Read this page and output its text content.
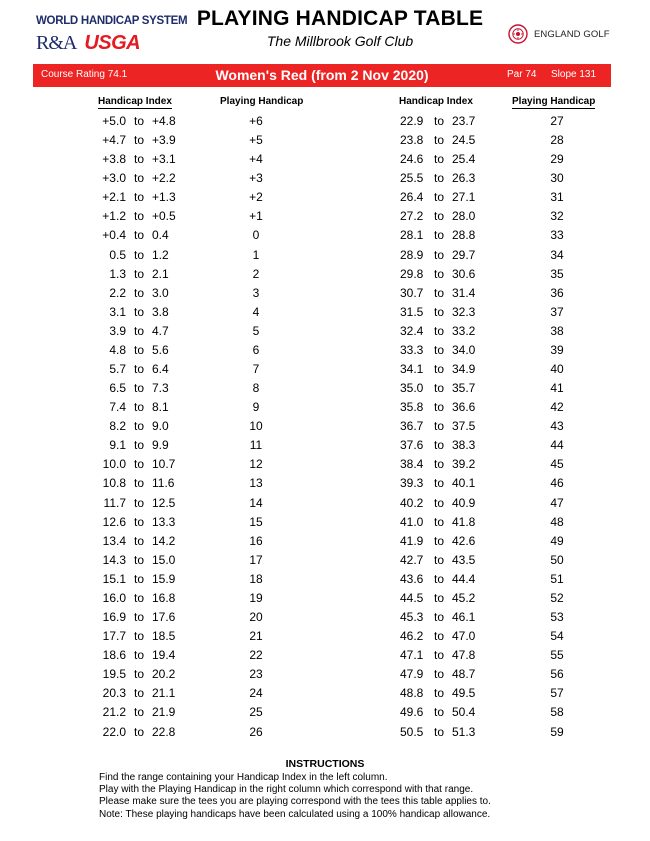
WORLD HANDICAP SYSTEM
R&A USGA
PLAYING HANDICAP TABLE
The Millbrook Golf Club	ENGLAND GOLF
Course Rating 74.1	Women's Red (from 2 Nov 2020)	Par 74 Slope 131
Handicap Index	Playing Handicap	Handicap Index	Playing Handicap
+5.0 to +4.8	+6
+4.7 to +3.9	+5
+3.8 to +3.1	+4
+3.0 to +2.2	+3
+2.1 to +1.3	+2
+1.2 to +0.5	+1
+0.4 to 0.4	0
0.5 to 1.2	1
1.3 to 2.1	2
2.2 to 3.0	3
3.1 to 3.8	4
3.9 to 4.7	5
4.8 to 5.6	6
5.7 to 6.4	7
6.5 to 7.3	8
7.4 to 8.1	9
8.2 to 9.0	10
9.1 to 9.9	11
10.0 to 10.7	12
10.8 to 11.6	13
11.7 to 12.5	14
12.6 to 13.3	15
13.4 to 14.2	16
14.3 to 15.0	17
15.1 to 15.9	18
16.0 to 16.8	19
16.9 to 17.6	20
17.7 to 18.5	21
18.6 to 19.4	22
19.5 to 20.2	23
20.3 to 21.1	24
21.2 to 21.9	25
22.0 to 22.8	26
22.9 to 23.7	27
23.8 to 24.5	28
24.6 to 25.4	29
25.5 to 26.3	30
26.4 to 27.1	31
27.2 to 28.0	32
28.1 to 28.8	33
28.9 to 29.7	34
29.8 to 30.6	35
30.7 to 31.4	36
31.5 to 32.3	37
32.4 to 33.2	38
33.3 to 34.0	39
34.1 to 34.9	40
35.0 to 35.7	41
35.8 to 36.6	42
36.7 to 37.5	43
37.6 to 38.3	44
38.4 to 39.2	45
39.3 to 40.1	46
40.2 to 40.9	47
41.0 to 41.8	48
41.9 to 42.6	49
42.7 to 43.5	50
43.6 to 44.4	51
44.5 to 45.2	52
45.3 to 46.1	53
46.2 to 47.0	54
47.1 to 47.8	55
47.9 to 48.7	56
48.8 to 49.5	57
49.6 to 50.4	58
50.5 to 51.3	59
INSTRUCTIONS
Find the range containing your Handicap Index in the left column.
Play with the Playing Handicap in the right column which correspond with that range.
Please make sure the tees you are playing correspond with the tees this table applies to.
Note: These playing handicaps have been calculated using a 100% handicap allowance.
